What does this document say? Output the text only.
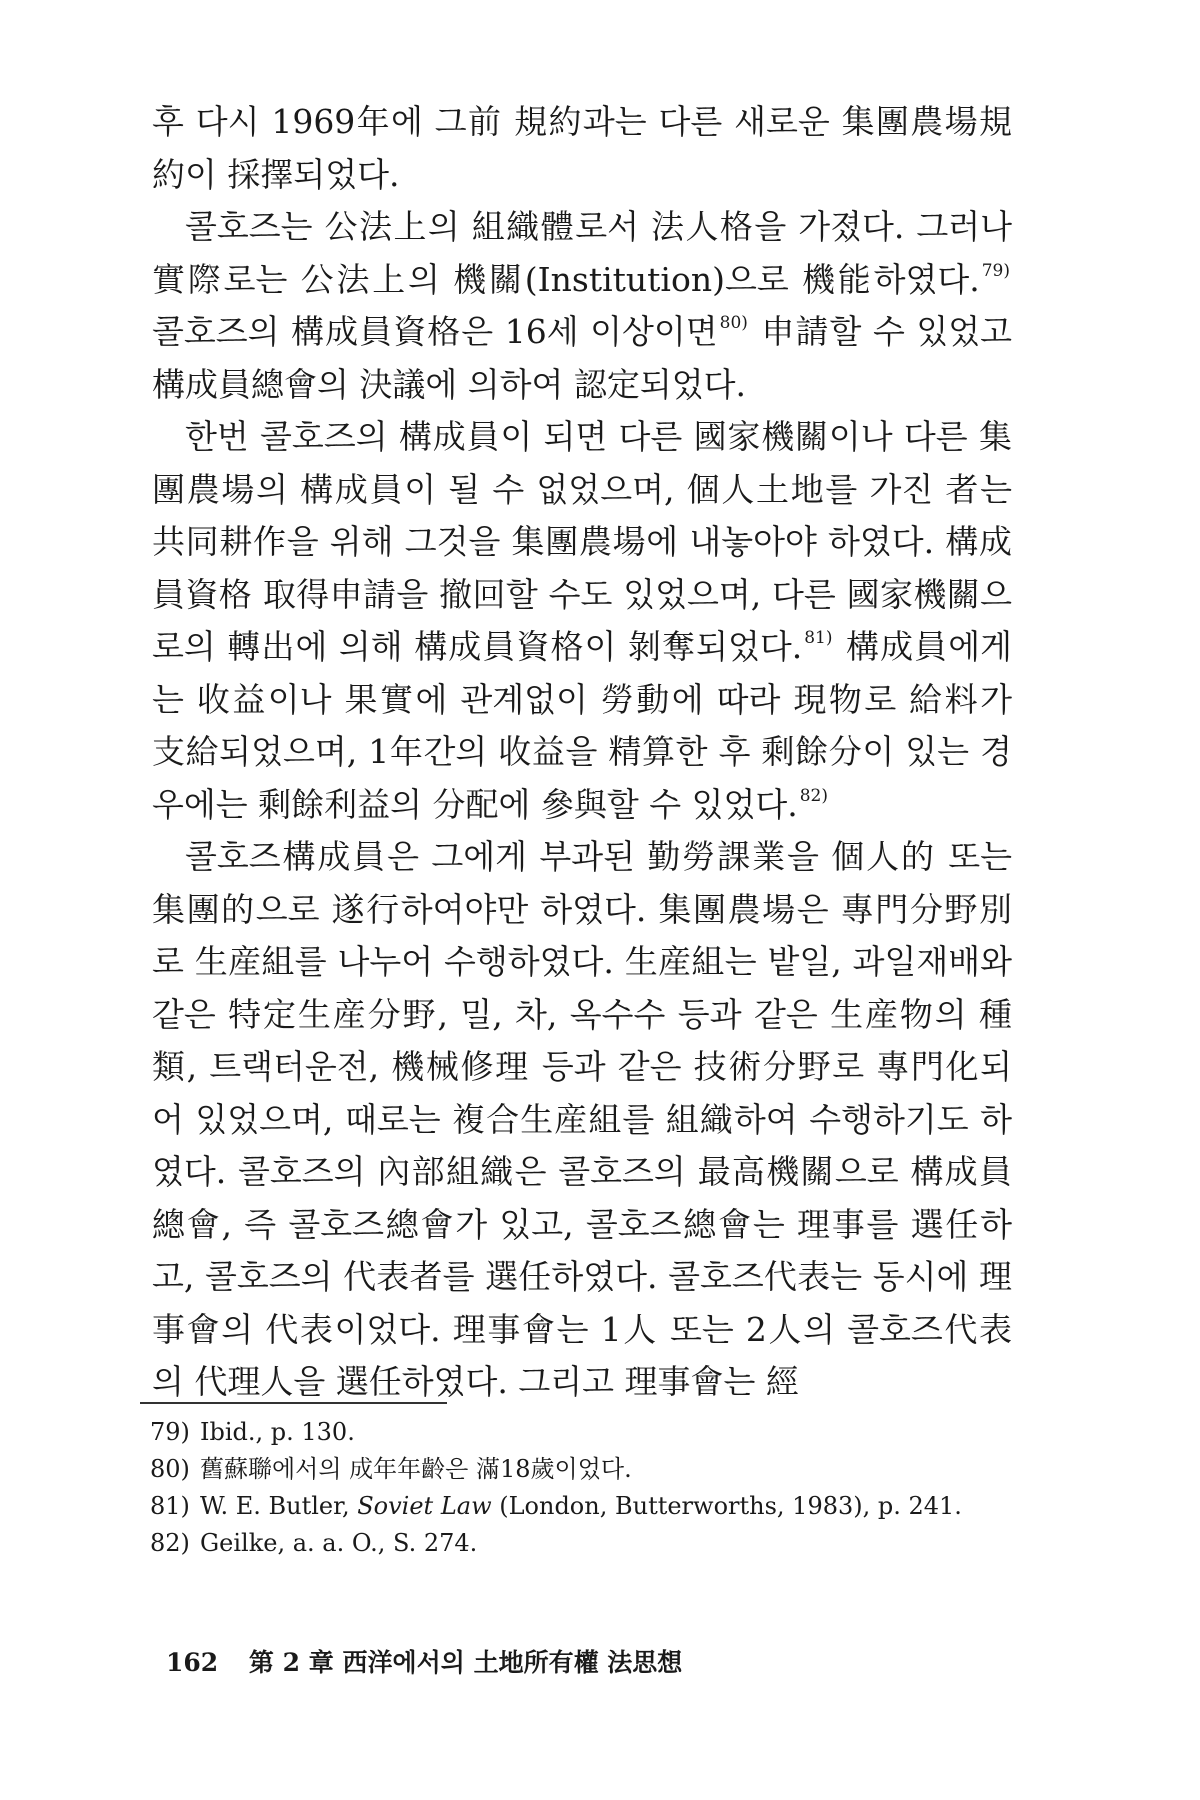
후 다시 1969年에 그前 規約과는 다른 새로운 集團農場規約이 採擇되었다.

콜호즈는 公法上의 組織體로서 法人格을 가졌다. 그러나 實際로는 公法上의 機關(Institution)으로 機能하였다. $^{79)}$ 콜호즈의 構成員資格은 16세 이상이면 $^{80)}$ 申請할 수 있었고 構成員總會의 決議에 의하여 認定되었다.

한번 콜호즈의 構成員이 되면 다른 國家機關이나 다른 集團農場의 構成員이 될 수 없었으며, 個人土地를 가진 者는 共同耕作을 위해 그것을 集團農場에 내놓아야 하였다. 構成員資格 取得申請을 撤回할 수도 있었으며, 다른 國家機關으로의 轉出에 의해 構成員資格이 剝奪되었다. $^{81)}$ 構成員에게는 收益이나 果實에 관계없이 勞動에 따라 現物로 給料가 支給되었으며, 1年간의 收益을 精算한 후 剩餘分이 있는 경우에는 剩餘利益의 分配에 參與할 수 있었다. $^{82)}$

콜호즈構成員은 그에게 부과된 勤勞課業을 個人的 또는 集團的으로 遂行하여야만 하였다. 集團農場은 專門分野別로 生産組를 나누어 수행하였다. 生産組는 밭일, 과일재배와 같은 特定生産分野, 밀, 차, 옥수수 등과 같은 生産物의 種類, 트랙터운전, 機械修理 등과 같은 技術分野로 專門化되어 있었으며, 때로는 複合生産組를 組織하여 수행하기도 하였다. 콜호즈의 內部組織은 콜호즈의 最高機關으로 構成員總會, 즉 콜호즈總會가 있고, 콜호즈總會는 理事를 選任하고, 콜호즈의 代表者를 選任하였다. 콜호즈代表는 동시에 理事會의 代表이었다. 理事會는 1人 또는 2人의 콜호즈代表의 代理人을 選任하였다. 그리고 理事會는 經

79) Ibid., p. 130.
80) 舊蘇聯에서의 成年年齡은 滿18歲이었다.
81) W. E. Butler, Soviet Law (London, Butterworths, 1983), p. 241.
82) Geilke, a. a. O., S. 274.
162 第 2 章 西洋에서의 土地所有權 法思想
